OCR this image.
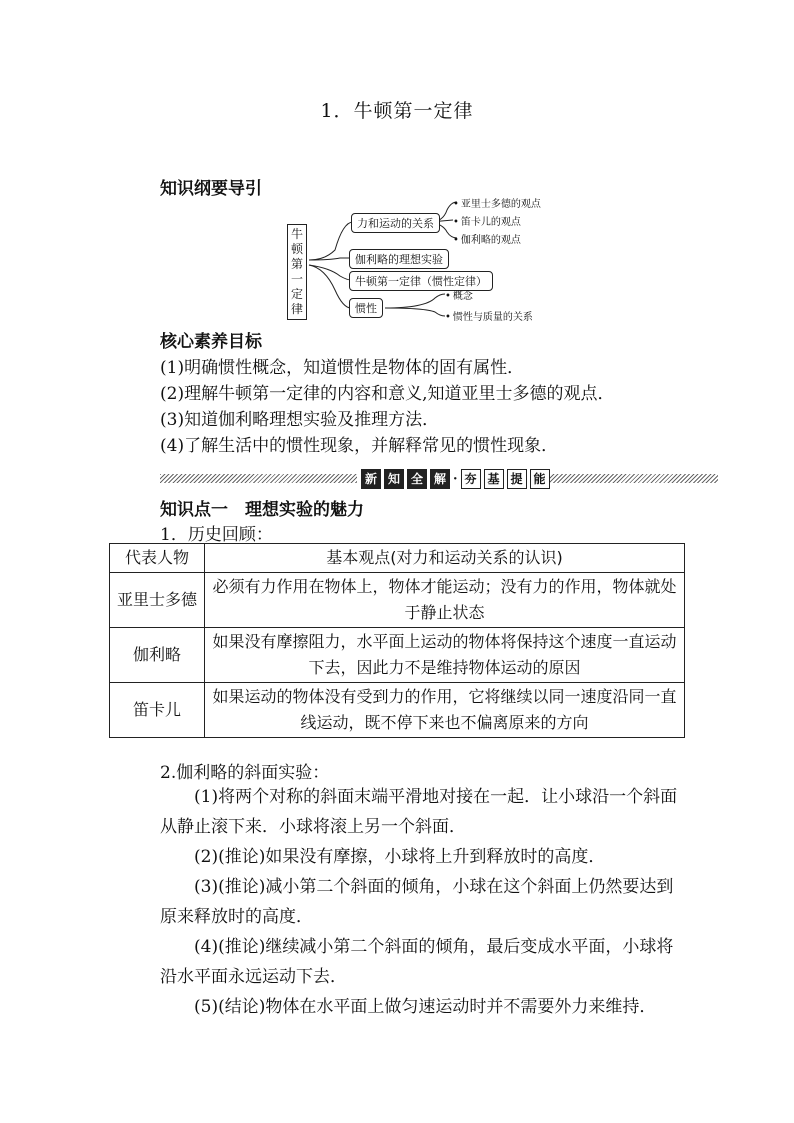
1．牛顿第一定律
知识纲要导引
牛
顿
第
一
定
律
力和运动的关系
• 亚里士多德的观点
• 笛卡儿的观点
• 伽利略的观点
伽利略的理想实验
牛顿第一定律（惯性定律）
惯性
• 概念
• 惯性与质量的关系
核心素养目标
(1)明确惯性概念，知道惯性是物体的固有属性．
(2)理解牛顿第一定律的内容和意义,知道亚里士多德的观点．
(3)知道伽利略理想实验及推理方法．
(4)了解生活中的惯性现象，并解释常见的惯性现象．
新 知 全 解 · 夯 基 提 能
知识点一　理想实验的魅力
1．历史回顾：
代表人物	基本观点(对力和运动关系的认识)
亚里士多德	必须有力作用在物体上，物体才能运动；没有力的作用，物体就处于静止状态
伽利略	如果没有摩擦阻力，水平面上运动的物体将保持这个速度一直运动下去，因此力不是维持物体运动的原因
笛卡儿	如果运动的物体没有受到力的作用，它将继续以同一速度沿同一直线运动，既不停下来也不偏离原来的方向
2.伽利略的斜面实验：
(1)将两个对称的斜面末端平滑地对接在一起．让小球沿一个斜面从静止滚下来．小球将滚上另一个斜面．
(2)(推论)如果没有摩擦，小球将上升到释放时的高度．
(3)(推论)减小第二个斜面的倾角，小球在这个斜面上仍然要达到原来释放时的高度．
(4)(推论)继续减小第二个斜面的倾角，最后变成水平面，小球将沿水平面永远运动下去．
(5)(结论)物体在水平面上做匀速运动时并不需要外力来维持．
